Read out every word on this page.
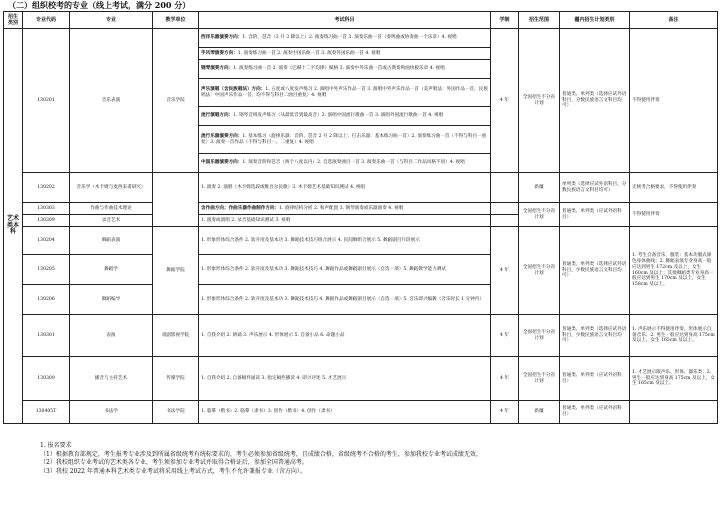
（二）组织校考的专业（线上考试，满分 200 分）
招生类别	专业代码	专业	教学单位	考试科目	学制	招生范围	疆内招生计划类别	备注
艺术类本科	130201	音乐表演	音乐学院	西洋乐器演奏方向：1. 音阶、琶音（3 升 3 降以上）2. 演奏练习曲一首 3. 演奏乐曲一首（奏鸣曲或协奏曲一个乐章）4. 视唱	4 年	全国招生不分省计划	普通类、单列类（选择应试外语科目，分数民族语言文科目均可）	不得使用伴奏
				手风琴演奏方向：1. 演奏练习曲一首 2. 演奏中国乐曲一首 3. 演奏外国乐曲一首 4. 视唱				
				钢琴演奏方向：1. 演奏练习曲一首 2. 演奏《巴赫十二平均律》赋格 3. 演奏中外乐曲一首或古典奏鸣曲快板乐章 4. 视唱				
				声乐演唱（含民族唱法）方向：1. 五度或八度发声练习 2. 演唱中外声乐作品一首 3. 演唱中外声乐作品一首（美声唱法：外国作品一首，民族唱法：中国声乐作品一首，均不得与科目二曲目重复）4. 视唱				
				流行演唱方向：1. 钢琴音域发声练习（从最低音到最高音）2. 演唱中国流行歌曲一首 3. 演唱外国流行歌曲一首 4. 视唱				
				流行乐器演奏方向：1. 基本练习（旋律乐器：音阶、琶音 2 升 2 降以上；打击乐器：基本练习曲一首）2. 演奏练习曲一首（不得与科目一重复）3. 演奏一首作品（不得与科目一、二重复）4. 视唱				
				中国乐器演奏方向：1. 演奏音阶和琶音（两个八度以内）2. 自选演奏曲目一首 3. 演奏乐曲一首（与科目二作品风格不同）4. 视唱				
	130202	音乐学（木卡姆与麦西来甫研究）		1. 演奏 2. 演唱（木卡姆选段或维吾尔民歌）3. 木卡姆艺术基础知识测试 4. 视唱		新疆	单列类（选择应试外语科目，分数民族语言文科目均可）	无统考合格要求，不得使用伴奏
	130303	作曲与作曲技术理论		含作曲方向；作曲乐器作曲制作方向：1. 旋律结构分析 2. 和声配置 3. 钢琴演奏或乐器演奏 4. 视唱		全国招生不分省计划	普通类、单列类（应试外语科目）	不得使用伴奏
	130309	录音艺术		1. 演奏或演唱 2. 录音基础知识测试 3. 视唱				
	130204	舞蹈表演	舞蹈学院	1. 形象形体综合条件 2. 软开度及基本功 3. 舞蹈技术技巧组合展示 4. 民间舞组合展示 5. 舞蹈剧目片段展示	4 年	全国招生不分省计划	普通类、单列类（选择应试外语科目，少数民族语言文科目均可）	1. 考生自备音乐，服装：基本功服式颜色身体曲线；2. 舞蹈表演专业身高一般应达到男生 172cm 及以上，女生 160cm 及以上；其他舞蹈类专业身高一般应达到男生 170cm 及以上，女生 158cm 及以上。
	130205	舞蹈学		1. 形象形体综合条件 2. 软开度及基本功 3. 舞蹈技术技巧 4. 舞蹈作品或舞蹈剧目展示（自选一项）5. 舞蹈教学能力测试				
	130206	舞蹈编导		1. 形象形体综合条件 2. 软开度及基本功 3. 舞蹈技术技巧 4. 舞蹈作品或舞蹈剧目展示（自选一项）5. 音乐即兴编舞（音乐时长 1 分钟内）				
	130301	表演	戏剧影视学院	1. 自我介绍 2. 朗诵 3. 声乐展示 4. 形体展示 5. 自备小品 6. 命题小品	4 年	全国招生不分省计划	普通类、单列类（选择应试外语科目，少数民族语言文科目均可）	1. 声乐展示不得使用伴奏，形体展示自备音乐；2. 男生一般应达到身高 175cm 及以上，女生 165cm 及以上。
	130309	播音与主持艺术	传媒学院	1. 自我介绍 2. 自备稿件诵读 3. 指定稿件播读 4. 即兴评述 5. 才艺展示	4 年	全国招生不分省计划	普通类、单列类（应试外语科目）	1. 才艺展示限声乐、形体、器乐类；2. 男生一般应达到身高 175cm 及以上，女生 165cm 及以上。
	130405T	书法学	书法学院	1. 临摹（楷书）2. 临摹（隶书）3. 创作（楷书）4. 创作（隶书）	4 年	新疆	普通类、单列类（应试外语科目）	
1. 报名要求
（1）根据教育部规定，考生报考专业涉及到所属省级统考有统标要求的，考生必须参加省级统考，且成绩合格，省级统考不合格的考生，参加我校专业考试成绩无效。
（2）我校组织专业考试的艺术类各专业，考生须参加专业考试并取得合格证后，参加全国普通高考。
（3）我校 2022 年普通本科艺术类专业考试将采用线上考试方式，考生不允许兼报专业（含方向）。
